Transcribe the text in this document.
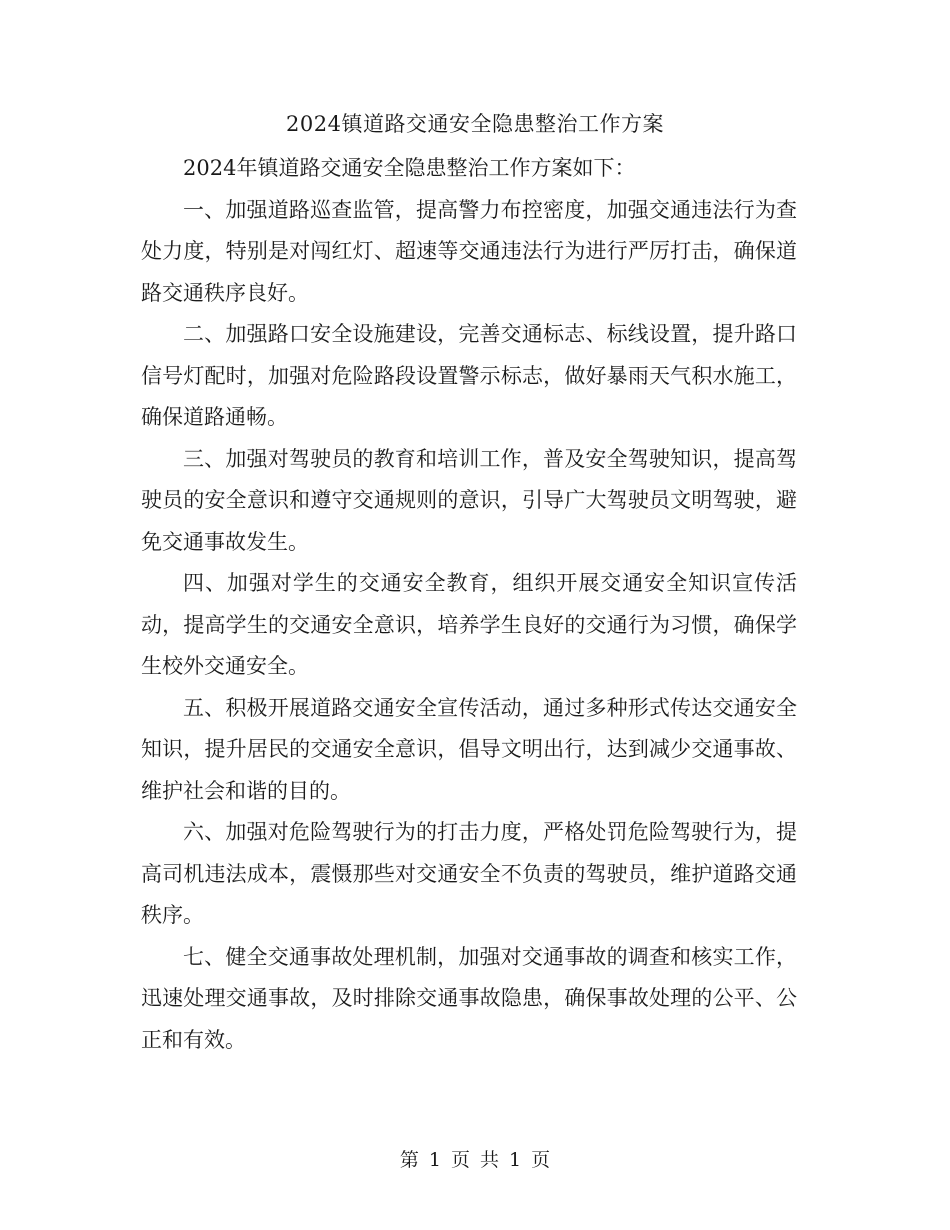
2024镇道路交通安全隐患整治工作方案

2024年镇道路交通安全隐患整治工作方案如下：

一、加强道路巡查监管，提高警力布控密度，加强交通违法行为查处力度，特别是对闯红灯、超速等交通违法行为进行严厉打击，确保道路交通秩序良好。

二、加强路口安全设施建设，完善交通标志、标线设置，提升路口信号灯配时，加强对危险路段设置警示标志，做好暴雨天气积水施工，确保道路通畅。

三、加强对驾驶员的教育和培训工作，普及安全驾驶知识，提高驾驶员的安全意识和遵守交通规则的意识，引导广大驾驶员文明驾驶，避免交通事故发生。

四、加强对学生的交通安全教育，组织开展交通安全知识宣传活动，提高学生的交通安全意识，培养学生良好的交通行为习惯，确保学生校外交通安全。

五、积极开展道路交通安全宣传活动，通过多种形式传达交通安全知识，提升居民的交通安全意识，倡导文明出行，达到减少交通事故、维护社会和谐的目的。

六、加强对危险驾驶行为的打击力度，严格处罚危险驾驶行为，提高司机违法成本，震慑那些对交通安全不负责的驾驶员，维护道路交通秩序。

七、健全交通事故处理机制，加强对交通事故的调查和核实工作，迅速处理交通事故，及时排除交通事故隐患，确保事故处理的公平、公正和有效。

第 1 页 共 1 页
